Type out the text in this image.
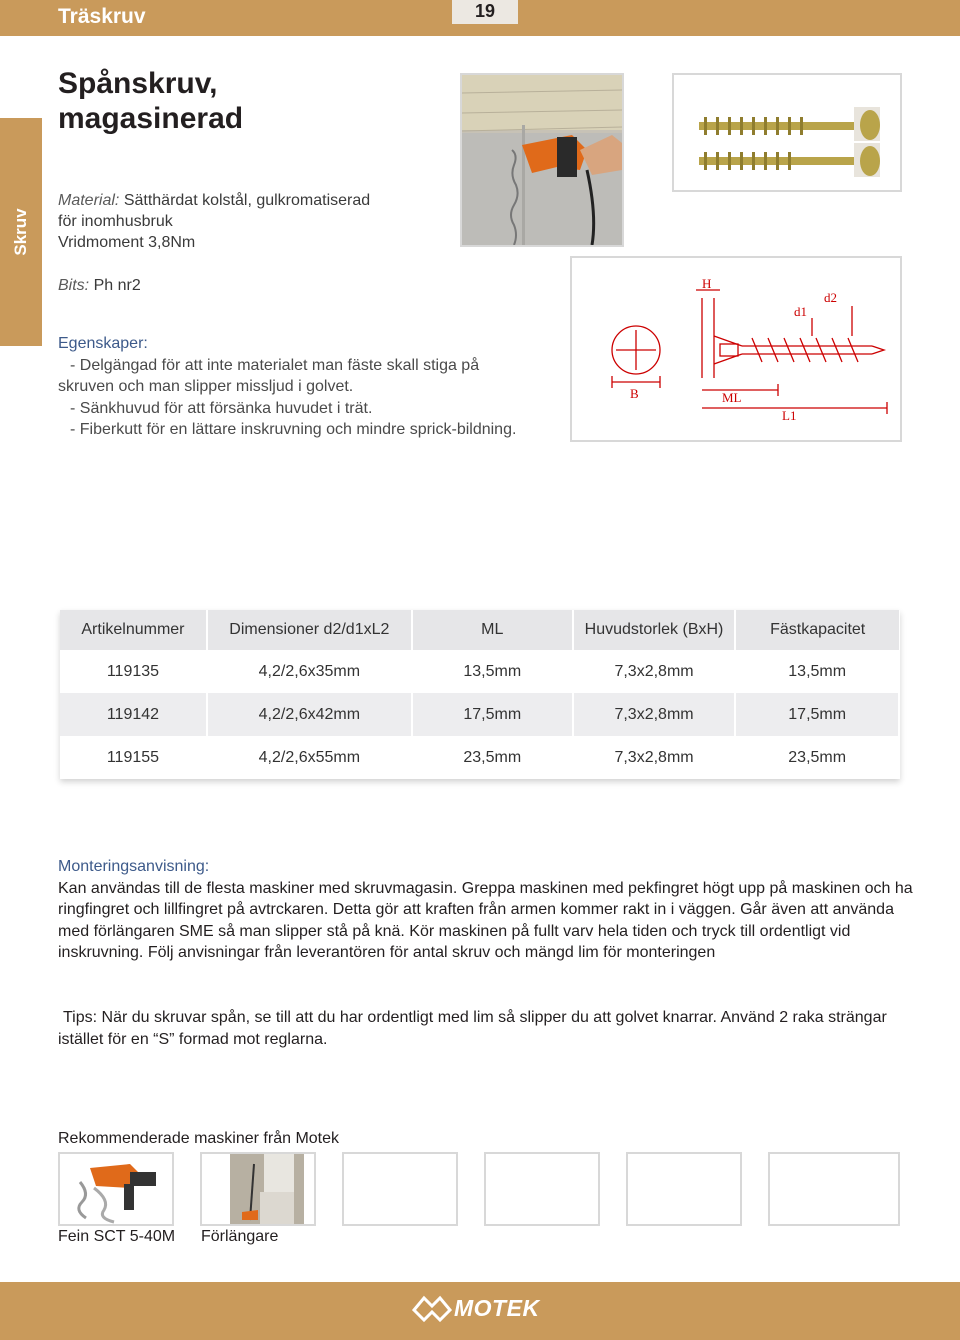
Träskruv	19
Skruv
Spånskruv,
magasinerad
Material: Sätthärdat kolstål, gulkromatiserad
för inomhusbruk
Vridmoment 3,8Nm
Bits: Ph nr2
Egenskaper:
- Delgängad för att inte materialet man fäste skall stiga på skruven och man slipper missljud i golvet.
- Sänkhuvud för att försänka huvudet i trät.
- Fiberkutt för en lättare inskruvning och mindre sprick-bildning.
H
B	ML
L1
d1
d2
Artikelnummer	Dimensioner d2/d1xL2	ML	Huvudstorlek (BxH)	Fästkapacitet
119135	4,2/2,6x35mm	13,5mm	7,3x2,8mm	13,5mm
119142	4,2/2,6x42mm	17,5mm	7,3x2,8mm	17,5mm
119155	4,2/2,6x55mm	23,5mm	7,3x2,8mm	23,5mm
Monteringsanvisning:
Kan användas till de flesta maskiner med skruvmagasin. Greppa maskinen med pekfingret högt upp på maskinen och ha ringfingret och lillfingret på avtrckaren. Detta gör att kraften från armen kommer rakt in i väggen. Går även att använda med förlängaren SME så man slipper stå på knä. Kör maskinen på fullt varv hela tiden och tryck till ordentligt vid inskruvning. Följ anvisningar från leverantören för antal skruv och mängd lim för monteringen
Tips: När du skruvar spån, se till att du har ordentligt med lim så slipper du att golvet knarrar. Använd 2 raka strängar istället för en “S” formad mot reglarna.
Rekommenderade maskiner från Motek
Fein SCT 5-40M Förlängare
MOTEK
